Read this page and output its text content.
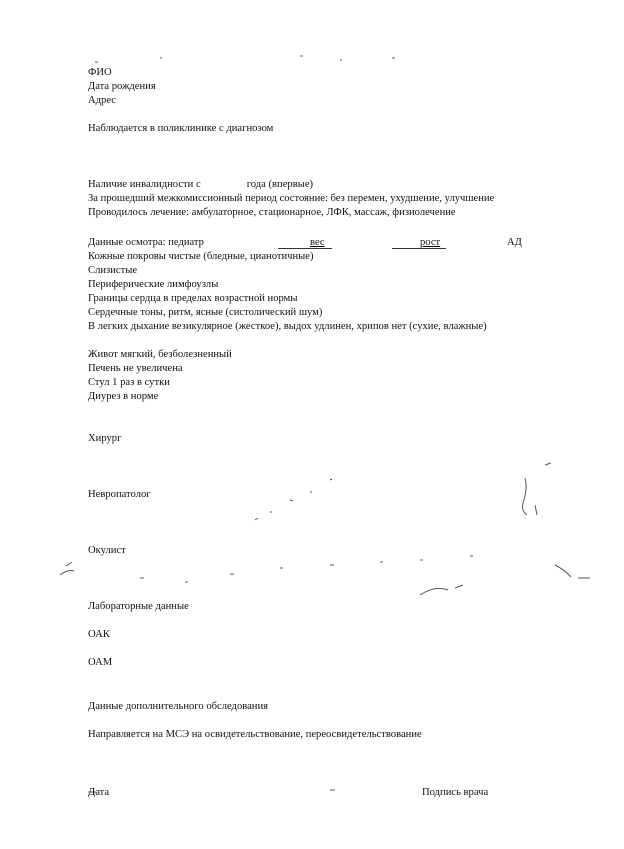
ФИО
Дата рождения
Адрес
Наблюдается в поликлинике с диагнозом
Наличие инвалидности с	года (впервые)
За прошедший межкомиссионный период состояние: без перемен, ухудшение, улучшение
Проводилось лечение: амбулаторное, стационарное, ЛФК, массаж, физиолечение
Данные осмотра: педиатр	вес	рост	АД
Кожные покровы чистые (бледные, цианотичные)
Слизистые
Периферические лимфоузлы
Границы сердца в пределах возрастной нормы
Сердечные тоны, ритм, ясные (систолический шум)
В легких дыхание везикулярное (жесткое), выдох удлинен, хрипов нет (сухие, влажные)
Живот мягкий, безболезненный
Печень не увеличена
Стул 1 раз в сутки
Диурез в норме
Хирург
Невропатолог
Окулист
Лабораторные данные
ОАК
ОАМ
Данные дополнительного обследования
Направляется на МСЭ на освидетельствование, переосвидетельствование
Дата	Подпись врача
